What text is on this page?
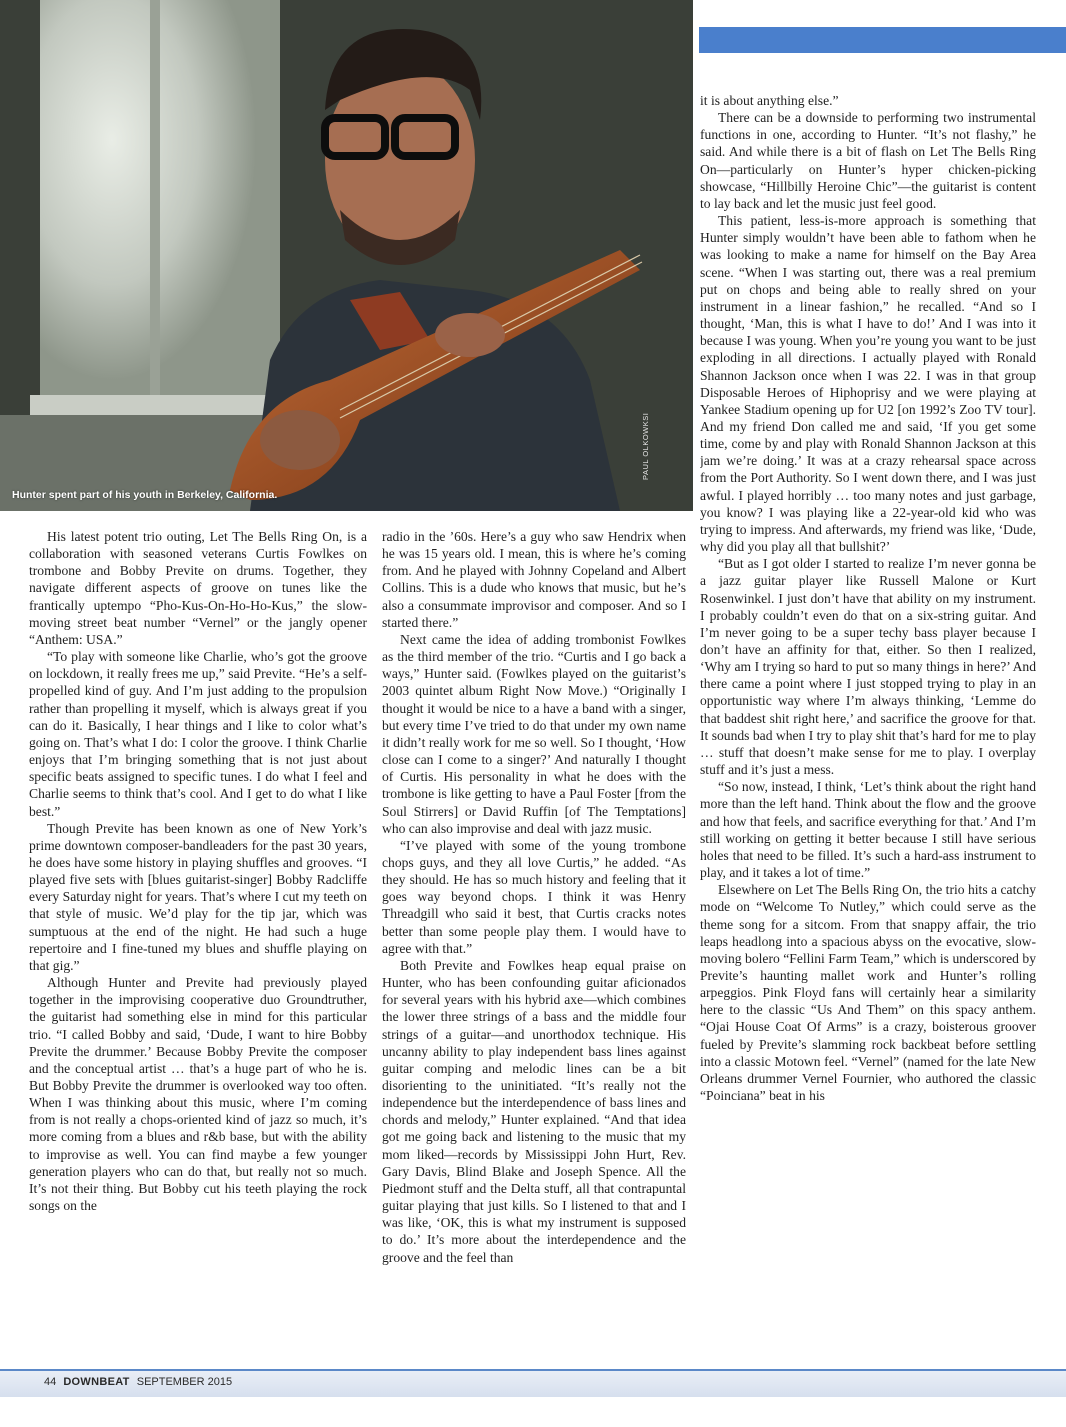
Hunter spent part of his youth in Berkeley, California.
PAUL OLKOWKSI

His latest potent trio outing, Let The Bells Ring On, is a collaboration with seasoned veterans Curtis Fowlkes on trombone and Bobby Previte on drums. Together, they navigate different aspects of groove on tunes like the frantically uptempo “Pho-Kus-On-Ho-Ho-Kus,” the slow-moving street beat number “Vernel” or the jangly opener “Anthem: USA.”

“To play with someone like Charlie, who’s got the groove on lockdown, it really frees me up,” said Previte. “He’s a self-propelled kind of guy. And I’m just adding to the propulsion rather than propelling it myself, which is always great if you can do it. Basically, I hear things and I like to color what’s going on. That’s what I do: I color the groove. I think Charlie enjoys that I’m bringing something that is not just about specific beats assigned to specific tunes. I do what I feel and Charlie seems to think that’s cool. And I get to do what I like best.”

Though Previte has been known as one of New York’s prime downtown composer-bandleaders for the past 30 years, he does have some history in playing shuffles and grooves. “I played five sets with [blues guitarist-singer] Bobby Radcliffe every Saturday night for years. That’s where I cut my teeth on that style of music. We’d play for the tip jar, which was sumptuous at the end of the night. He had such a huge repertoire and I fine-tuned my blues and shuffle playing on that gig.”

Although Hunter and Previte had previously played together in the improvising cooperative duo Groundtruther, the guitarist had something else in mind for this particular trio. “I called Bobby and said, ‘Dude, I want to hire Bobby Previte the drummer.’ Because Bobby Previte the composer and the conceptual artist … that’s a huge part of who he is. But Bobby Previte the drummer is overlooked way too often. When I was thinking about this music, where I’m coming from is not really a chops-oriented kind of jazz so much, it’s more coming from a blues and r&b base, but with the ability to improvise as well. You can find maybe a few younger generation players who can do that, but really not so much. It’s not their thing. But Bobby cut his teeth playing the rock songs on the

radio in the ’60s. Here’s a guy who saw Hendrix when he was 15 years old. I mean, this is where he’s coming from. And he played with Johnny Copeland and Albert Collins. This is a dude who knows that music, but he’s also a consummate improvisor and composer. And so I started there.”

Next came the idea of adding trombonist Fowlkes as the third member of the trio. “Curtis and I go back a ways,” Hunter said. (Fowlkes played on the guitarist’s 2003 quintet album Right Now Move.) “Originally I thought it would be nice to a have a band with a singer, but every time I’ve tried to do that under my own name it didn’t really work for me so well. So I thought, ‘How close can I come to a singer?’ And naturally I thought of Curtis. His personality in what he does with the trombone is like getting to have a Paul Foster [from the Soul Stirrers] or David Ruffin [of The Temptations] who can also improvise and deal with jazz music.

“I’ve played with some of the young trombone chops guys, and they all love Curtis,” he added. “As they should. He has so much history and feeling that it goes way beyond chops. I think it was Henry Threadgill who said it best, that Curtis cracks notes better than some people play them. I would have to agree with that.”

Both Previte and Fowlkes heap equal praise on Hunter, who has been confounding guitar aficionados for several years with his hybrid axe—which combines the lower three strings of a bass and the middle four strings of a guitar—and unorthodox technique. His uncanny ability to play independent bass lines against guitar comping and melodic lines can be a bit disorienting to the uninitiated. “It’s really not the independence but the interdependence of bass lines and chords and melody,” Hunter explained. “And that idea got me going back and listening to the music that my mom liked—records by Mississippi John Hurt, Rev. Gary Davis, Blind Blake and Joseph Spence. All the Piedmont stuff and the Delta stuff, all that contrapuntal guitar playing that just kills. So I listened to that and I was like, ‘OK, this is what my instrument is supposed to do.’ It’s more about the interdependence and the groove and the feel than

it is about anything else.”

There can be a downside to performing two instrumental functions in one, according to Hunter. “It’s not flashy,” he said. And while there is a bit of flash on Let The Bells Ring On—particularly on Hunter’s hyper chicken-picking showcase, “Hillbilly Heroine Chic”—the guitarist is content to lay back and let the music just feel good.

This patient, less-is-more approach is something that Hunter simply wouldn’t have been able to fathom when he was looking to make a name for himself on the Bay Area scene. “When I was starting out, there was a real premium put on chops and being able to really shred on your instrument in a linear fashion,” he recalled. “And so I thought, ‘Man, this is what I have to do!’ And I was into it because I was young. When you’re young you want to be just exploding in all directions. I actually played with Ronald Shannon Jackson once when I was 22. I was in that group Disposable Heroes of Hiphoprisy and we were playing at Yankee Stadium opening up for U2 [on 1992’s Zoo TV tour]. And my friend Don called me and said, ‘If you get some time, come by and play with Ronald Shannon Jackson at this jam we’re doing.’ It was at a crazy rehearsal space across from the Port Authority. So I went down there, and I was just awful. I played horribly … too many notes and just garbage, you know? I was playing like a 22-year-old kid who was trying to impress. And afterwards, my friend was like, ‘Dude, why did you play all that bullshit?’

“But as I got older I started to realize I’m never gonna be a jazz guitar player like Russell Malone or Kurt Rosenwinkel. I just don’t have that ability on my instrument. I probably couldn’t even do that on a six-string guitar. And I’m never going to be a super techy bass player because I don’t have an affinity for that, either. So then I realized, ‘Why am I trying so hard to put so many things in here?’ And there came a point where I just stopped trying to play in an opportunistic way where I’m always thinking, ‘Lemme do that baddest shit right here,’ and sacrifice the groove for that. It sounds bad when I try to play shit that’s hard for me to play … stuff that doesn’t make sense for me to play. I overplay stuff and it’s just a mess.

“So now, instead, I think, ‘Let’s think about the right hand more than the left hand. Think about the flow and the groove and how that feels, and sacrifice everything for that.’ And I’m still working on getting it better because I still have serious holes that need to be filled. It’s such a hard-ass instrument to play, and it takes a lot of time.”

Elsewhere on Let The Bells Ring On, the trio hits a catchy mode on “Welcome To Nutley,” which could serve as the theme song for a sitcom. From that snappy affair, the trio leaps headlong into a spacious abyss on the evocative, slow-moving bolero “Fellini Farm Team,” which is underscored by Previte’s haunting mallet work and Hunter’s rolling arpeggios. Pink Floyd fans will certainly hear a similarity here to the classic “Us And Them” on this spacy anthem. “Ojai House Coat Of Arms” is a crazy, boisterous groover fueled by Previte’s slamming rock backbeat before settling into a classic Motown feel. “Vernel” (named for the late New Orleans drummer Vernel Fournier, who authored the classic “Poinciana” beat in his

44 DOWNBEAT SEPTEMBER 2015
